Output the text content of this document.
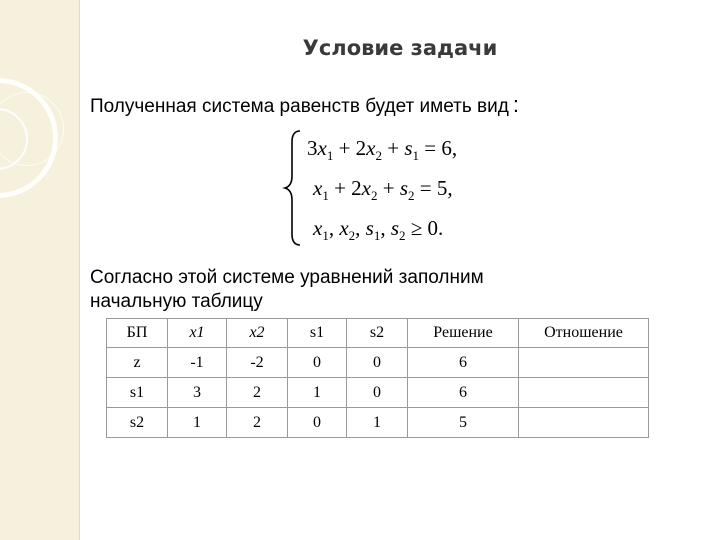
Условие задачи
Полученная система равенств будет иметь вид :
$3x_1 + 2x_2 + s_1 = 6$,
$x_1 + 2x_2 + s_2 = 5$,
$x_1$, $x_2$, $s_1$, $s_2 \ge 0$.
Согласно этой системе уравнений заполним
начальную таблицу
БП	x1	x2	s1	s2	Решение	Отношение
z	-1	-2	0	0	6	
s1	3	2	1	0	6	
s2	1	2	0	1	5	
